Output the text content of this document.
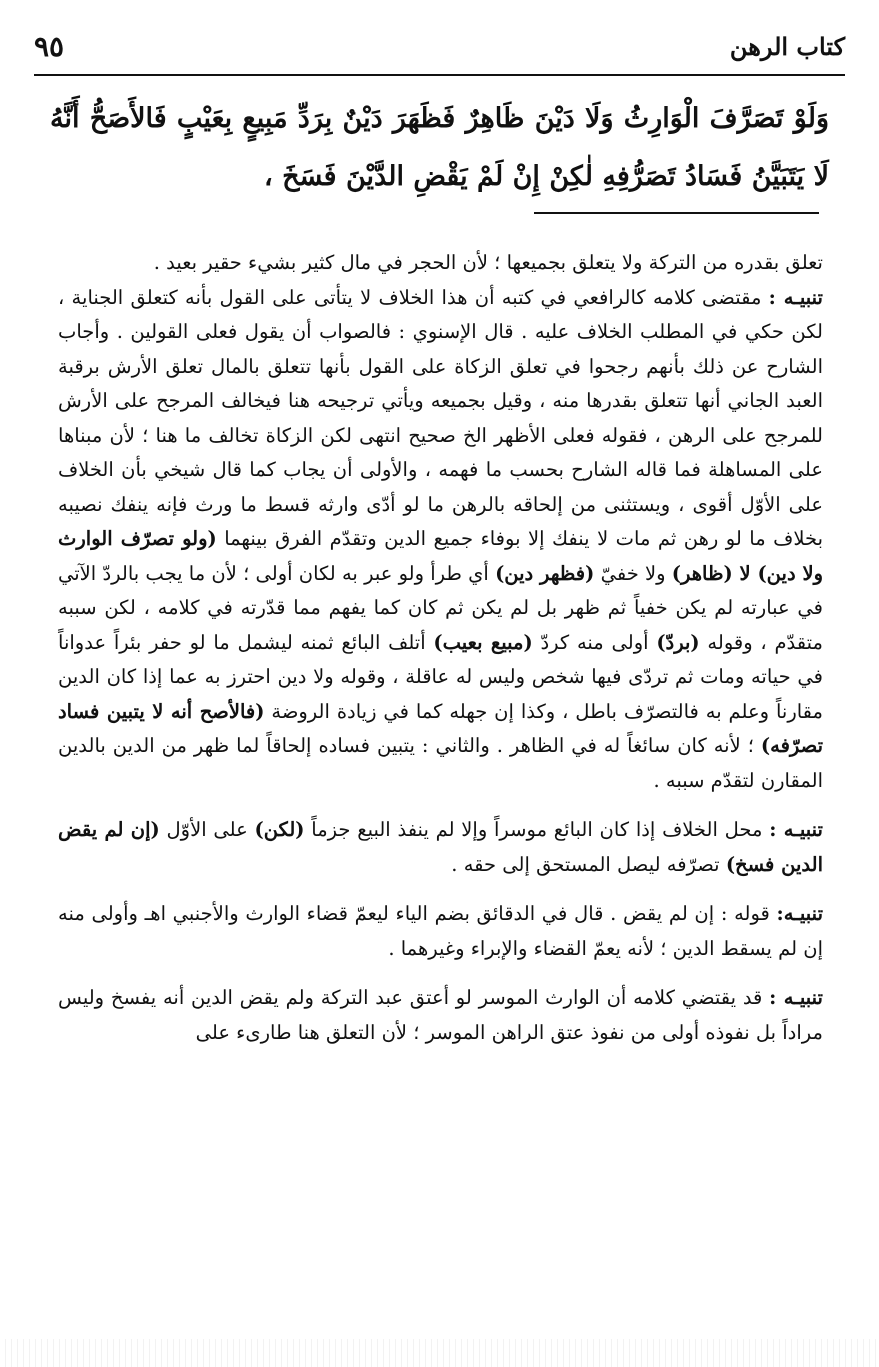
كتاب الرهن
٩٥
وَلَوْ تَصَرَّفَ الْوَارِثُ وَلَا دَيْنَ ظَاهِرٌ فَظَهَرَ دَيْنٌ بِرَدِّ مَبِيعٍ بِعَيْبٍ فَالأَصَحُّ أَنَّهُ لَا يَتَبَيَّنُ فَسَادُ تَصَرُّفِهِ لٰكِنْ إِنْ لَمْ يَقْضِ الدَّيْنَ فَسَخَ ،

تعلق بقدره من التركة ولا يتعلق بجميعها ؛ لأن الحجر في مال كثير بشيء حقير بعيد .

تنبيـه : مقتضى كلامه كالرافعي في كتبه أن هذا الخلاف لا يتأتى على القول بأنه كتعلق الجناية ، لكن حكي في المطلب الخلاف عليه . قال الإسنوي : فالصواب أن يقول فعلى القولين . وأجاب الشارح عن ذلك بأنهم رجحوا في تعلق الزكاة على القول بأنها تتعلق بالمال تعلق الأرش برقبة العبد الجاني أنها تتعلق بقدرها منه ، وقيل بجميعه ويأتي ترجيحه هنا فيخالف المرجح على الأرش للمرجح على الرهن ، فقوله فعلى الأظهر الخ صحيح انتهى لكن الزكاة تخالف ما هنا ؛ لأن مبناها على المساهلة فما قاله الشارح بحسب ما فهمه ، والأولى أن يجاب كما قال شيخي بأن الخلاف على الأوّل أقوى ، ويستثنى من إلحاقه بالرهن ما لو أدّى وارثه قسط ما ورث فإنه ينفك نصيبه بخلاف ما لو رهن ثم مات لا ينفك إلا بوفاء جميع الدين وتقدّم الفرق بينهما (ولو تصرّف الوارث ولا دين) لا (ظاهر) ولا خفيّ (فظهر دين) أي طرأ ولو عبر به لكان أولى ؛ لأن ما يجب بالردّ الآتي في عبارته لم يكن خفياً ثم ظهر بل لم يكن ثم كان كما يفهم مما قدّرته في كلامه ، لكن سببه متقدّم ، وقوله (بردّ) أولى منه كردّ (مبيع بعيب) أتلف البائع ثمنه ليشمل ما لو حفر بئراً عدواناً في حياته ومات ثم تردّى فيها شخص وليس له عاقلة ، وقوله ولا دين احترز به عما إذا كان الدين مقارناً وعلم به فالتصرّف باطل ، وكذا إن جهله كما في زيادة الروضة (فالأصح أنه لا يتبين فساد تصرّفه) ؛ لأنه كان سائغاً له في الظاهر . والثاني : يتبين فساده إلحاقاً لما ظهر من الدين بالدين المقارن لتقدّم سببه .

تنبيـه : محل الخلاف إذا كان البائع موسراً وإلا لم ينفذ البيع جزماً (لكن) على الأوّل (إن لم يقض الدين فسخ) تصرّفه ليصل المستحق إلى حقه .

تنبيـه: قوله : إن لم يقض . قال في الدقائق بضم الياء ليعمّ قضاء الوارث والأجنبي اهـ وأولى منه إن لم يسقط الدين ؛ لأنه يعمّ القضاء والإبراء وغيرهما .

تنبيـه : قد يقتضي كلامه أن الوارث الموسر لو أعتق عبد التركة ولم يقض الدين أنه يفسخ وليس مراداً بل نفوذه أولى من نفوذ عتق الراهن الموسر ؛ لأن التعلق هنا طارىء على
